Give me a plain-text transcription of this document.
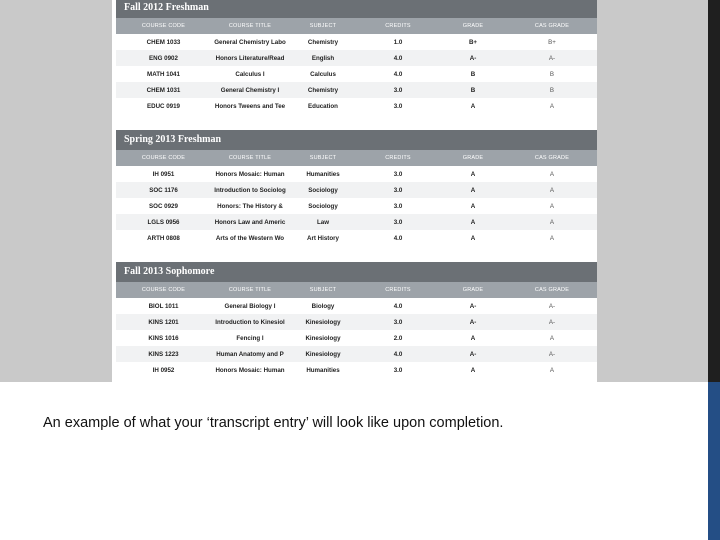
Fall 2012 Freshman
COURSE CODE	COURSE TITLE	SUBJECT	CREDITS	GRADE	CAS GRADE
CHEM 1033	General Chemistry Labo	Chemistry	1.0	B+	B+
ENG 0902	Honors Literature/Read	English	4.0	A-	A-
MATH 1041	Calculus I	Calculus	4.0	B	B
CHEM 1031	General Chemistry I	Chemistry	3.0	B	B
EDUC 0919	Honors Tweens and Tee	Education	3.0	A	A
Spring 2013 Freshman
COURSE CODE	COURSE TITLE	SUBJECT	CREDITS	GRADE	CAS GRADE
IH 0951	Honors Mosaic: Human	Humanities	3.0	A	A
SOC 1176	Introduction to Sociolog	Sociology	3.0	A	A
SOC 0929	Honors: The History &	Sociology	3.0	A	A
LGLS 0956	Honors Law and Americ	Law	3.0	A	A
ARTH 0808	Arts of the Western Wo	Art History	4.0	A	A
Fall 2013 Sophomore
COURSE CODE	COURSE TITLE	SUBJECT	CREDITS	GRADE	CAS GRADE
BIOL 1011	General Biology I	Biology	4.0	A-	A-
KINS 1201	Introduction to Kinesiol	Kinesiology	3.0	A-	A-
KINS 1016	Fencing I	Kinesiology	2.0	A	A
KINS 1223	Human Anatomy and P	Kinesiology	4.0	A-	A-
IH 0952	Honors Mosaic: Human	Humanities	3.0	A	A
An example of what your ‘transcript entry’ will look like upon completion.
